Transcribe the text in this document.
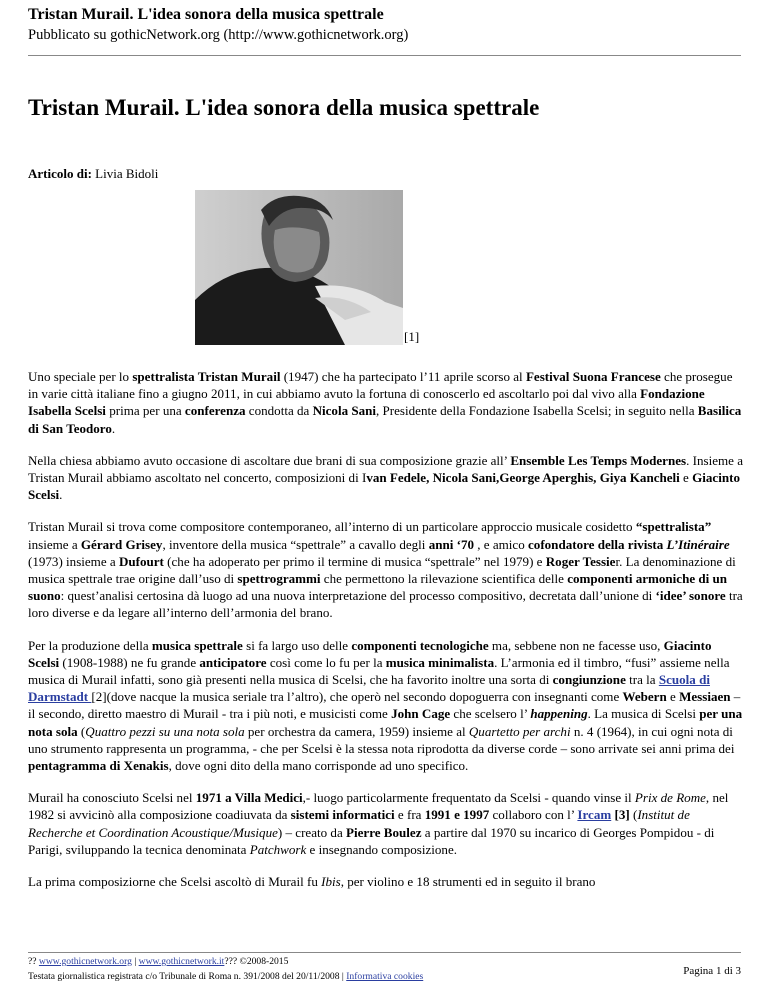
Tristan Murail. L'idea sonora della musica spettrale
Pubblicato su gothicNetwork.org (http://www.gothicnetwork.org)
Tristan Murail. L'idea sonora della musica spettrale
Articolo di: Livia Bidoli
[1]

Uno speciale per lo spettralista Tristan Murail (1947) che ha partecipato l’11 aprile scorso al Festival Suona Francese che prosegue in varie città italiane fino a giugno 2011, in cui abbiamo avuto la fortuna di conoscerlo ed ascoltarlo poi dal vivo alla Fondazione Isabella Scelsi prima per una conferenza condotta da Nicola Sani, Presidente della Fondazione Isabella Scelsi; in seguito nella Basilica di San Teodoro.

Nella chiesa abbiamo avuto occasione di ascoltare due brani di sua composizione grazie all’ Ensemble Les Temps Modernes. Insieme a Tristan Murail abbiamo ascoltato nel concerto, composizioni di Ivan Fedele, Nicola Sani,George Aperghis, Giya Kancheli e Giacinto Scelsi.

Tristan Murail si trova come compositore contemporaneo, all’interno di un particolare approccio musicale cosidetto “spettralista” insieme a Gérard Grisey, inventore della musica “spettrale” a cavallo degli anni ‘70 , e amico cofondatore della rivista L’Itinéraire (1973) insieme a Dufourt (che ha adoperato per primo il termine di musica “spettrale” nel 1979) e Roger Tessier. La denominazione di musica spettrale trae origine dall’uso di spettrogrammi che permettono la rilevazione scientifica delle componenti armoniche di un suono: quest’analisi certosina dà luogo ad una nuova interpretazione del processo compositivo, decretata dall’unione di ‘idee’ sonore tra loro diverse e da legare all’interno dell’armonia del brano.

Per la produzione della musica spettrale si fa largo uso delle componenti tecnologiche ma, sebbene non ne facesse uso, Giacinto Scelsi (1908-1988) ne fu grande anticipatore così come lo fu per la musica minimalista. L’armonia ed il timbro, “fusi” assieme nella musica di Murail infatti, sono già presenti nella musica di Scelsi, che ha favorito inoltre una sorta di congiunzione tra la Scuola di Darmstadt [2](dove nacque la musica seriale tra l’altro), che operò nel secondo dopoguerra con insegnanti come Webern e Messiaen – il secondo, diretto maestro di Murail - tra i più noti, e musicisti come John Cage che scelsero l’ happening. La musica di Scelsi per una nota sola (Quattro pezzi su una nota sola per orchestra da camera, 1959) insieme al Quartetto per archi n. 4 (1964), in cui ogni nota di uno strumento rappresenta un programma, - che per Scelsi è la stessa nota riprodotta da diverse corde – sono arrivate sei anni prima dei pentagramma di Xenakis, dove ogni dito della mano corrisponde ad uno specifico.

Murail ha conosciuto Scelsi nel 1971 a Villa Medici,- luogo particolarmente frequentato da Scelsi - quando vinse il Prix de Rome, nel 1982 si avvicinò alla composizione coadiuvata da sistemi informatici e fra 1991 e 1997 collaboro con l’ Ircam [3] (Institut de Recherche et Coordination Acoustique/Musique) – creato da Pierre Boulez a partire dal 1970 su incarico di Georges Pompidou - di Parigi, sviluppando la tecnica denominata Patchwork e insegnando composizione.

La prima composiziorne che Scelsi ascoltò di Murail fu Ibis, per violino e 18 strumenti ed in seguito il brano

?? www.gothicnetwork.org | www.gothicnetwork.it??? ©2008-2015
Testata giornalistica registrata c/o Tribunale di Roma n. 391/2008 del 20/11/2008 | Informativa cookies	Pagina 1 di 3
